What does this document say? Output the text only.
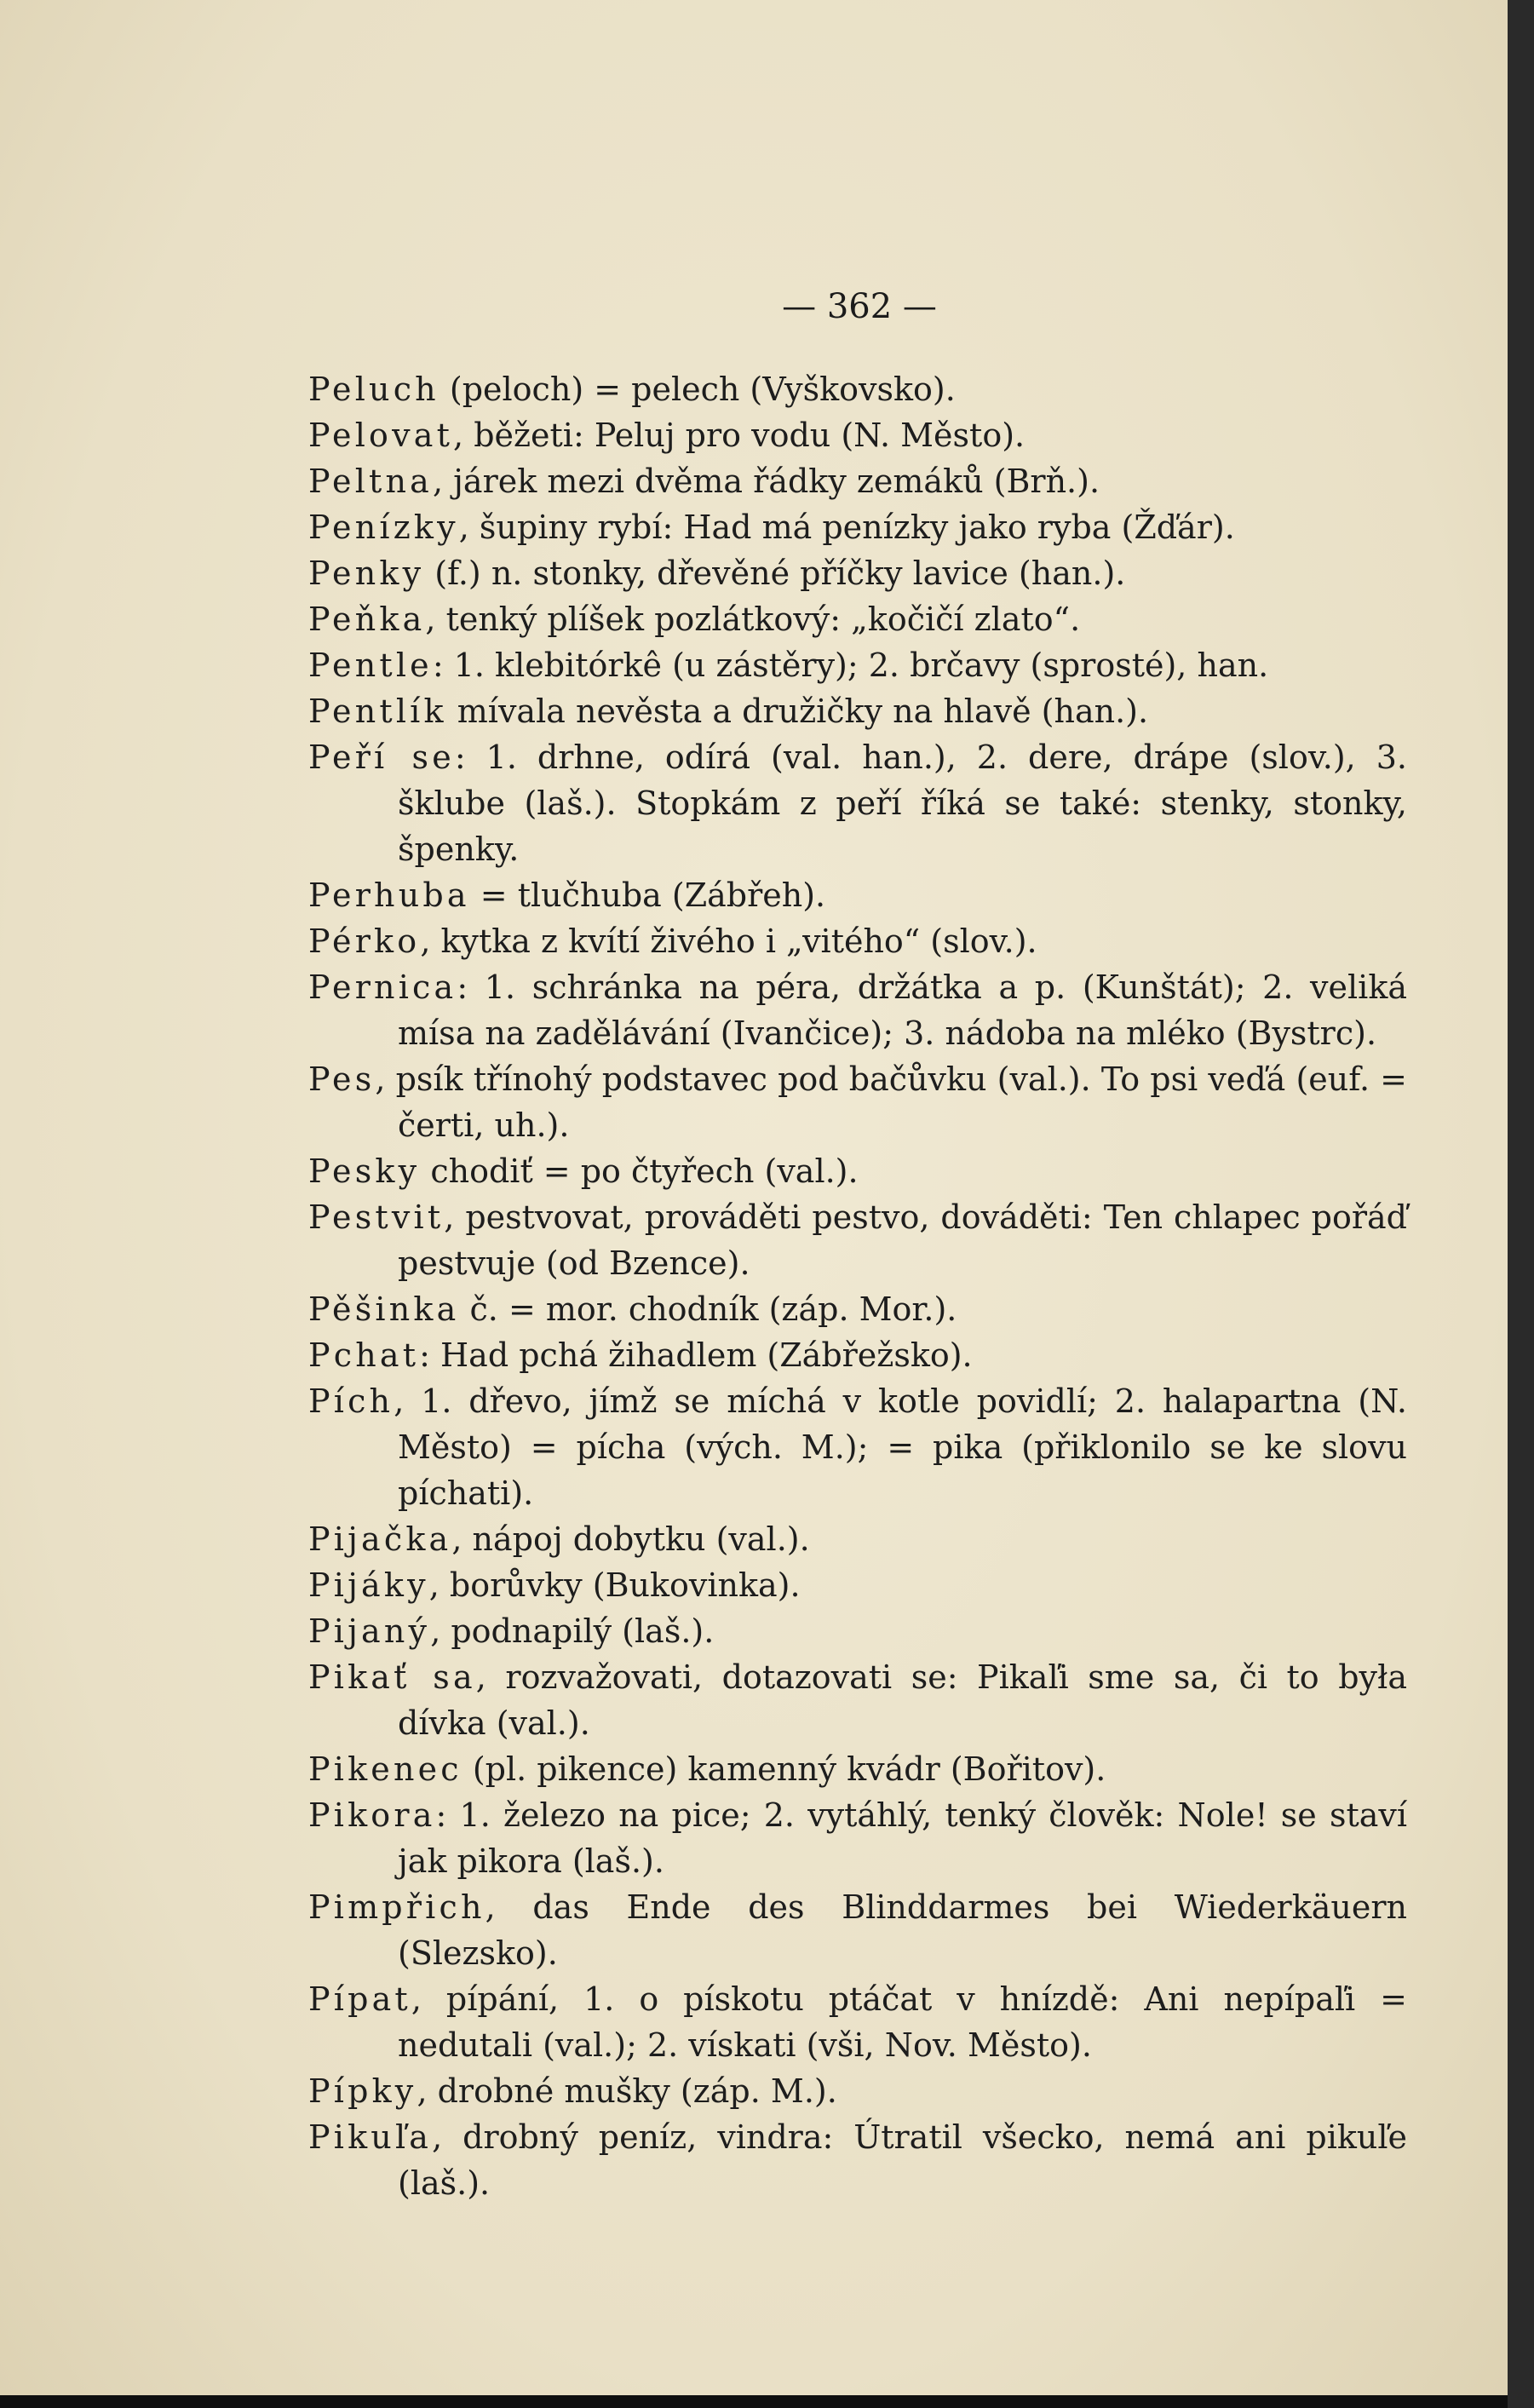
— 362 —

Peluch (peloch) = pelech (Vyškovsko).

Pelovat, běžeti: Peluj pro vodu (N. Město).

Peltna, járek mezi dvěma řádky zemáků (Brň.).

Penízky, šupiny rybí: Had má penízky jako ryba (Žďár).

Penky (f.) n. stonky, dřevěné příčky lavice (han.).

Peňka, tenký plíšek pozlátkový: „kočičí zlato“.

Pentle: 1. klebitórkê (u zástěry); 2. brčavy (sprosté), han.

Pentlík mívala nevěsta a družičky na hlavě (han.).

Peří se: 1. drhne, odírá (val. han.), 2. dere, drápe (slov.), 3. šklube (laš.). Stopkám z peří říká se také: stenky, stonky, špenky.

Perhuba = tlučhuba (Zábřeh).

Pérko, kytka z kvítí živého i „vitého“ (slov.).

Pernica: 1. schránka na péra, držátka a p. (Kunštát); 2. veliká mísa na zadělávání (Ivančice); 3. nádoba na mléko (Bystrc).

Pes, psík třínohý podstavec pod bačůvku (val.). To psi veďá (euf. = čerti, uh.).

Pesky chodiť = po čtyřech (val.).

Pestvit, pestvovat, prováděti pestvo, dováděti: Ten chlapec pořáď pestvuje (od Bzence).

Pěšinka č. = mor. chodník (záp. Mor.).

Pchat: Had pchá žihadlem (Zábřežsko).

Pích, 1. dřevo, jímž se míchá v kotle povidlí; 2. halapartna (N. Město) = pícha (vých. M.); = pika (přiklonilo se ke slovu píchati).

Pijačka, nápoj dobytku (val.).

Pijáky, borůvky (Bukovinka).

Pijaný, podnapilý (laš.).

Pikať sa, rozvažovati, dotazovati se: Pikaľi sme sa, či to była dívka (val.).

Pikenec (pl. pikence) kamenný kvádr (Bořitov).

Pikora: 1. železo na pice; 2. vytáhlý, tenký člověk: Nole! se staví jak pikora (laš.).

Pimpřich, das Ende des Blinddarmes bei Wiederkäuern (Slezsko).

Pípat, pípání, 1. o pískotu ptáčat v hnízdě: Ani nepípaľi = nedutali (val.); 2. vískati (vši, Nov. Město).

Pípky, drobné mušky (záp. M.).

Pikuľa, drobný peníz, vindra: Útratil všecko, nemá ani pikuľe (laš.).
